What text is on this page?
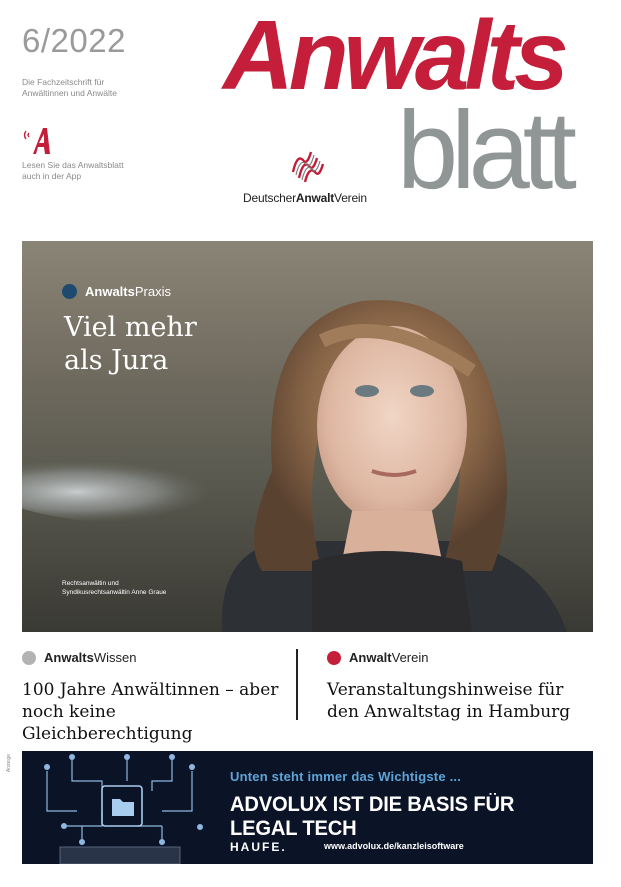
6/2022
Die Fachzeitschrift für Anwältinnen und Anwälte
Lesen Sie das Anwaltsblatt auch in der App
Anwalts
blatt
DeutscherAnwaltVerein
Anwalts Praxis
Viel mehr
als Jura
Rechtsanwältin und
Syndikusrechtsanwältin Anne Graue
Anwalts Wissen
100 Jahre Anwältinnen – aber
noch keine Gleichberechtigung
Anwalt Verein
Veranstaltungshinweise für
den Anwaltstag in Hamburg
Anzeige
Unten steht immer das Wichtigste ...
ADVOLUX IST DIE BASIS FÜR LEGAL TECH
HAUFE.	www.advolux.de/kanzleisoftware
